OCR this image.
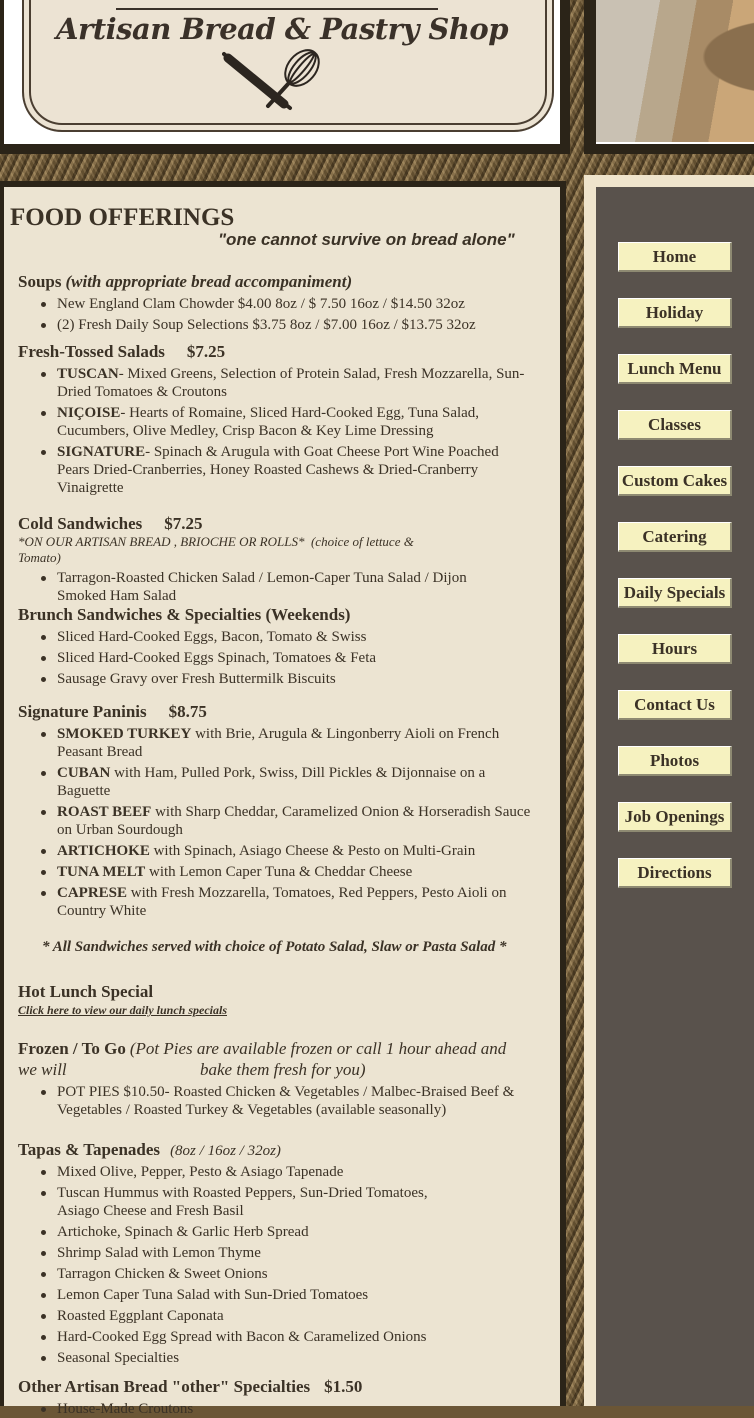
Artisan Bread & Pastry Shop
Home
Holiday
Lunch Menu
Classes
Custom Cakes
Catering
Daily Specials
Hours
Contact Us
Photos
Job Openings
Directions
FOOD OFFERINGS
"one cannot survive on bread alone"
Soups (with appropriate bread accompaniment)
New England Clam Chowder $4.00 8oz / $ 7.50 16oz / $14.50 32oz
(2) Fresh Daily Soup Selections $3.75 8oz / $7.00 16oz / $13.75 32oz
Fresh-Tossed Salads $7.25
TUSCAN- Mixed Greens, Selection of Protein Salad, Fresh Mozzarella, Sun-Dried Tomatoes & Croutons
NIÇOISE- Hearts of Romaine, Sliced Hard-Cooked Egg, Tuna Salad, Cucumbers, Olive Medley, Crisp Bacon & Key Lime Dressing
SIGNATURE- Spinach & Arugula with Goat Cheese Port Wine Poached Pears Dried-Cranberries, Honey Roasted Cashews & Dried-Cranberry Vinaigrette
Cold Sandwiches $7.25
*ON OUR ARTISAN BREAD , BRIOCHE OR ROLLS* (choice of lettuce & Tomato)
Tarragon-Roasted Chicken Salad / Lemon-Caper Tuna Salad / Dijon Smoked Ham Salad
Brunch Sandwiches & Specialties (Weekends)
Sliced Hard-Cooked Eggs, Bacon, Tomato & Swiss
Sliced Hard-Cooked Eggs Spinach, Tomatoes & Feta
Sausage Gravy over Fresh Buttermilk Biscuits
Signature Paninis $8.75
SMOKED TURKEY with Brie, Arugula & Lingonberry Aioli on French Peasant Bread
CUBAN with Ham, Pulled Pork, Swiss, Dill Pickles & Dijonnaise on a Baguette
ROAST BEEF with Sharp Cheddar, Caramelized Onion & Horseradish Sauce on Urban Sourdough
ARTICHOKE with Spinach, Asiago Cheese & Pesto on Multi-Grain
TUNA MELT with Lemon Caper Tuna & Cheddar Cheese
CAPRESE with Fresh Mozzarella, Tomatoes, Red Peppers, Pesto Aioli on Country White
* All Sandwiches served with choice of Potato Salad, Slaw or Pasta Salad *
Hot Lunch Special
Click here to view our daily lunch specials
Frozen / To Go (Pot Pies are available frozen or call 1 hour ahead and
we will	bake them fresh for you)
POT PIES $10.50- Roasted Chicken & Vegetables / Malbec-Braised Beef & Vegetables / Roasted Turkey & Vegetables (available seasonally)
Tapas & Tapenades (8oz / 16oz / 32oz)
Mixed Olive, Pepper, Pesto & Asiago Tapenade
Tuscan Hummus with Roasted Peppers, Sun-Dried Tomatoes, Asiago Cheese and Fresh Basil
Artichoke, Spinach & Garlic Herb Spread
Shrimp Salad with Lemon Thyme
Tarragon Chicken & Sweet Onions
Lemon Caper Tuna Salad with Sun-Dried Tomatoes
Roasted Eggplant Caponata
Hard-Cooked Egg Spread with Bacon & Caramelized Onions
Seasonal Specialties
Other Artisan Bread "other" Specialties $1.50
House-Made Croutons
